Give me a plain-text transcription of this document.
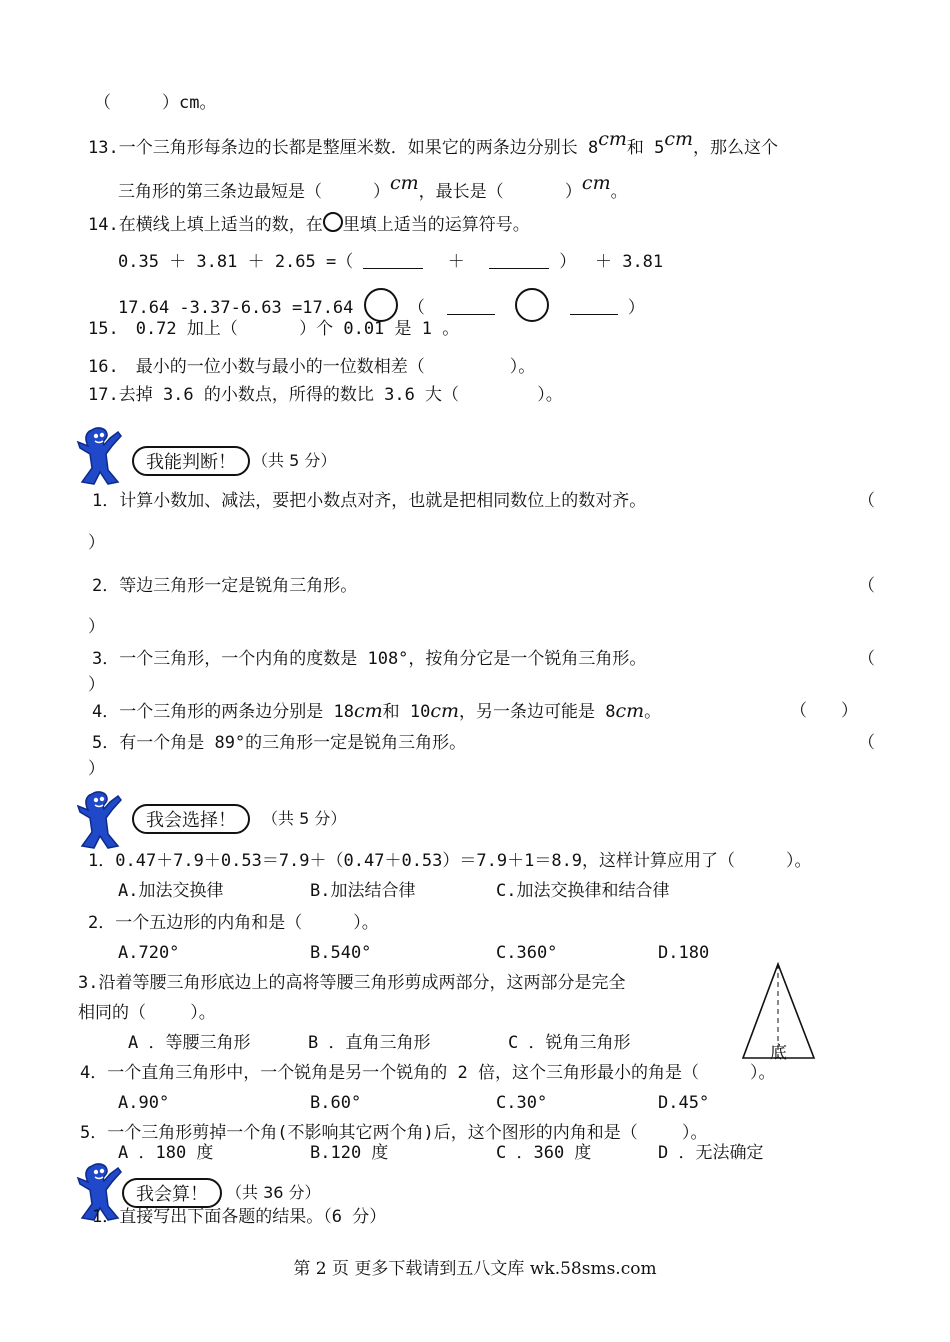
（　　　）cm。
13.一个三角形每条边的长都是整厘米数．如果它的两条边分别长 8cm和 5cm，那么这个
三角形的第三条边最短是（　　　）cm，最长是（　　　 ）cm。
14.在横线上填上适当的数，在 里填上适当的运算符号。
0.35 ＋ 3.81 ＋ 2.65 =（	＋	）　 ＋ 3.81
17.64 -3.37-6.63 =17.64	（	）
15.　0.72 加上（　　　 ）个 0.01 是 1 。
16.　最小的一位小数与最小的一位数相差（　　　　　）。
17.去掉 3.6 的小数点，所得的数比 3.6 大（　　　　 ）。
我能判断！	（共 5 分）
1．计算小数加、减法，要把小数点对齐，也就是把相同数位上的数对齐。	（
）
2．等边三角形一定是锐角三角形。	（
）
3．一个三角形，一个内角的度数是 108°，按角分它是一个锐角三角形。	（
）
4．一个三角形的两条边分别是 18cm和 10cm，另一条边可能是 8cm。	（　　）
5．有一个角是 89°的三角形一定是锐角三角形。	（
）
我会选择！	（共 5 分）
1．0.47＋7.9＋0.53＝7.9＋（0.47＋0.53）＝7.9＋1＝8.9，这样计算应用了（　　　）。
A.加法交换律	B.加法结合律	C.加法交换律和结合律
2．一个五边形的内角和是（　　　）。
A.720°	B.540°	C.360°	D.180
3.沿着等腰三角形底边上的高将等腰三角形剪成两部分，这两部分是完全
相同的（　　 ）。
A ．等腰三角形	B ．直角三角形	C ．锐角三角形	底
4．一个直角三角形中，一个锐角是另一个锐角的 2 倍，这个三角形最小的角是（　　　）。
A.90°	B.60°	C.30°	D.45°
5．一个三角形剪掉一个角(不影响其它两个角)后，这个图形的内角和是（　　 ）。
A ．180 度	B.120 度	C ．360 度	D ．无法确定
我会算！	（共 36 分）
1．直接写出下面各题的结果。（6 分）
第 2 页 更多下载请到五八文库 wk.58sms.com
